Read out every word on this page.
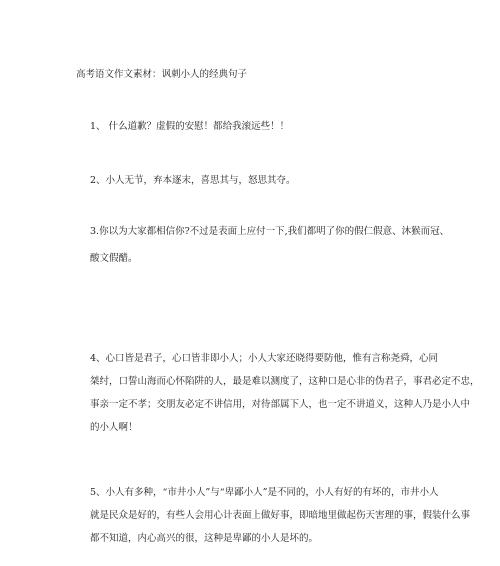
高考语文作文素材：讽刺小人的经典句子
1、 什么道歉？虚假的安慰！都给我滚远些！！
2、小人无节，弃本逐末，喜思其与，怒思其夺。
3.你以为大家都相信你?不过是表面上应付一下,我们都明了你的假仁假意、沐猴而冠、
酸文假醋。
4、心口皆是君子，心口皆非即小人；小人大家还晓得要防他，惟有言称尧舜，心同
桀纣，口誓山海而心怀陷阱的人，最是难以测度了，这种口是心非的伪君子，事君必定不忠，
事亲一定不孝；交朋友必定不讲信用，对待部属下人，也一定不讲道义，这种人乃是小人中
的小人啊！
5、小人有多种，“市井小人”与“卑鄙小人”是不同的，小人有好的有坏的，市井小人
就是民众是好的，有些人会用心计表面上做好事，即暗地里做起伤天害理的事，假装什么事
都不知道，内心高兴的很，这种是卑鄙的小人是坏的。
